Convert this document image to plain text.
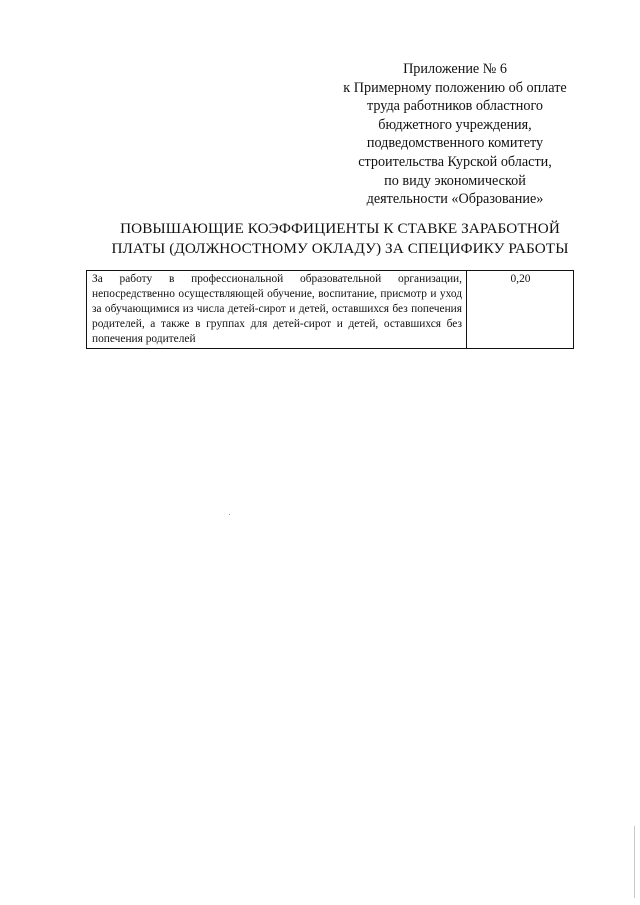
Приложение № 6
к Примерному положению об оплате
труда работников областного
бюджетного учреждения,
подведомственного комитету
строительства Курской области,
по виду экономической
деятельности «Образование»
ПОВЫШАЮЩИЕ КОЭФФИЦИЕНТЫ К СТАВКЕ ЗАРАБОТНОЙ
ПЛАТЫ (ДОЛЖНОСТНОМУ ОКЛАДУ) ЗА СПЕЦИФИКУ РАБОТЫ
За работу в профессиональной образовательной организации, непосредственно осуществляющей обучение, воспитание, присмотр и уход за обучающимися из числа детей-сирот и детей, оставшихся без попечения родителей, а также в группах для детей-сирот и детей, оставшихся без попечения родителей	0,20
